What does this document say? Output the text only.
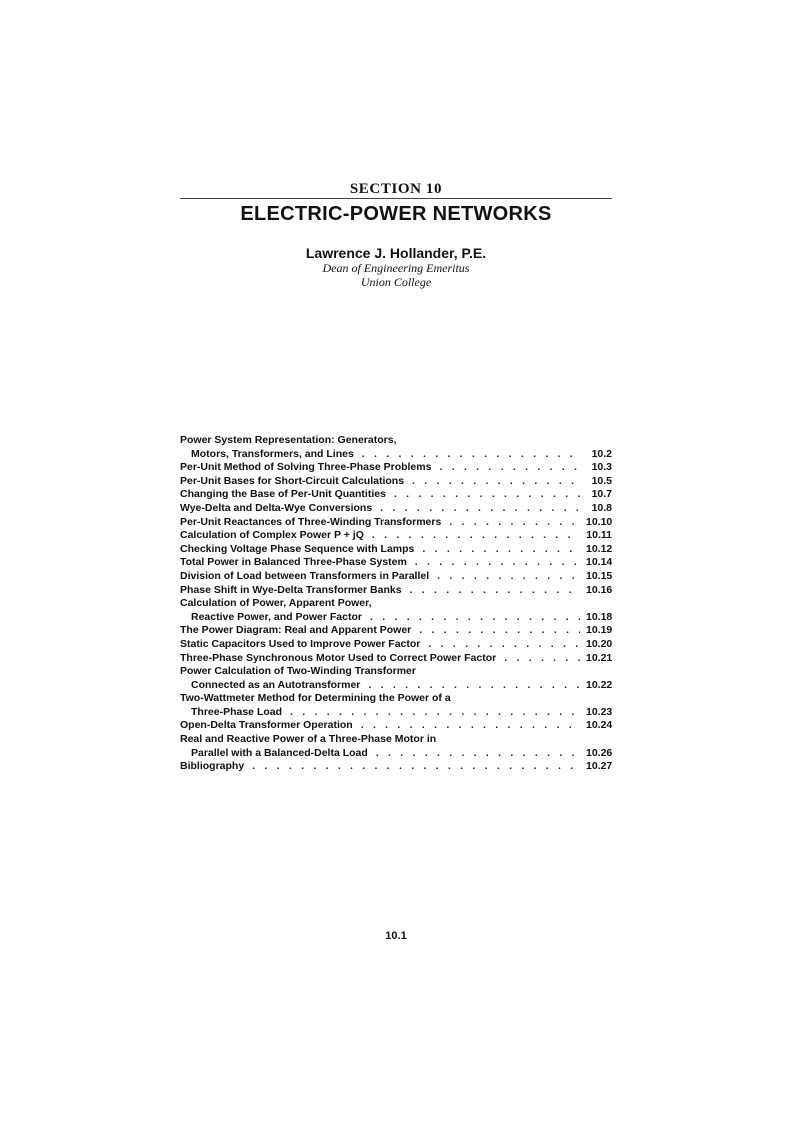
SECTION 10
ELECTRIC-POWER NETWORKS
Lawrence J. Hollander, P.E.
Dean of Engineering Emeritus
Union College
Power System Representation: Generators,
Motors, Transformers, and Lines . . .	10.2
Per-Unit Method of Solving Three-Phase Problems . . .	10.3
Per-Unit Bases for Short-Circuit Calculations . . .	10.5
Changing the Base of Per-Unit Quantities . . .	10.7
Wye-Delta and Delta-Wye Conversions . . .	10.8
Per-Unit Reactances of Three-Winding Transformers . . .	10.10
Calculation of Complex Power P + jQ . . .	10.11
Checking Voltage Phase Sequence with Lamps . . .	10.12
Total Power in Balanced Three-Phase System . . .	10.14
Division of Load between Transformers in Parallel . . .	10.15
Phase Shift in Wye-Delta Transformer Banks . . .	10.16
Calculation of Power, Apparent Power,
Reactive Power, and Power Factor . . .	10.18
The Power Diagram: Real and Apparent Power . . .	10.19
Static Capacitors Used to Improve Power Factor . . .	10.20
Three-Phase Synchronous Motor Used to Correct Power Factor . . .	10.21
Power Calculation of Two-Winding Transformer
Connected as an Autotransformer . . .	10.22
Two-Wattmeter Method for Determining the Power of a
Three-Phase Load . . .	10.23
Open-Delta Transformer Operation . . .	10.24
Real and Reactive Power of a Three-Phase Motor in
Parallel with a Balanced-Delta Load . . .	10.26
Bibliography . . .	10.27
10.1
